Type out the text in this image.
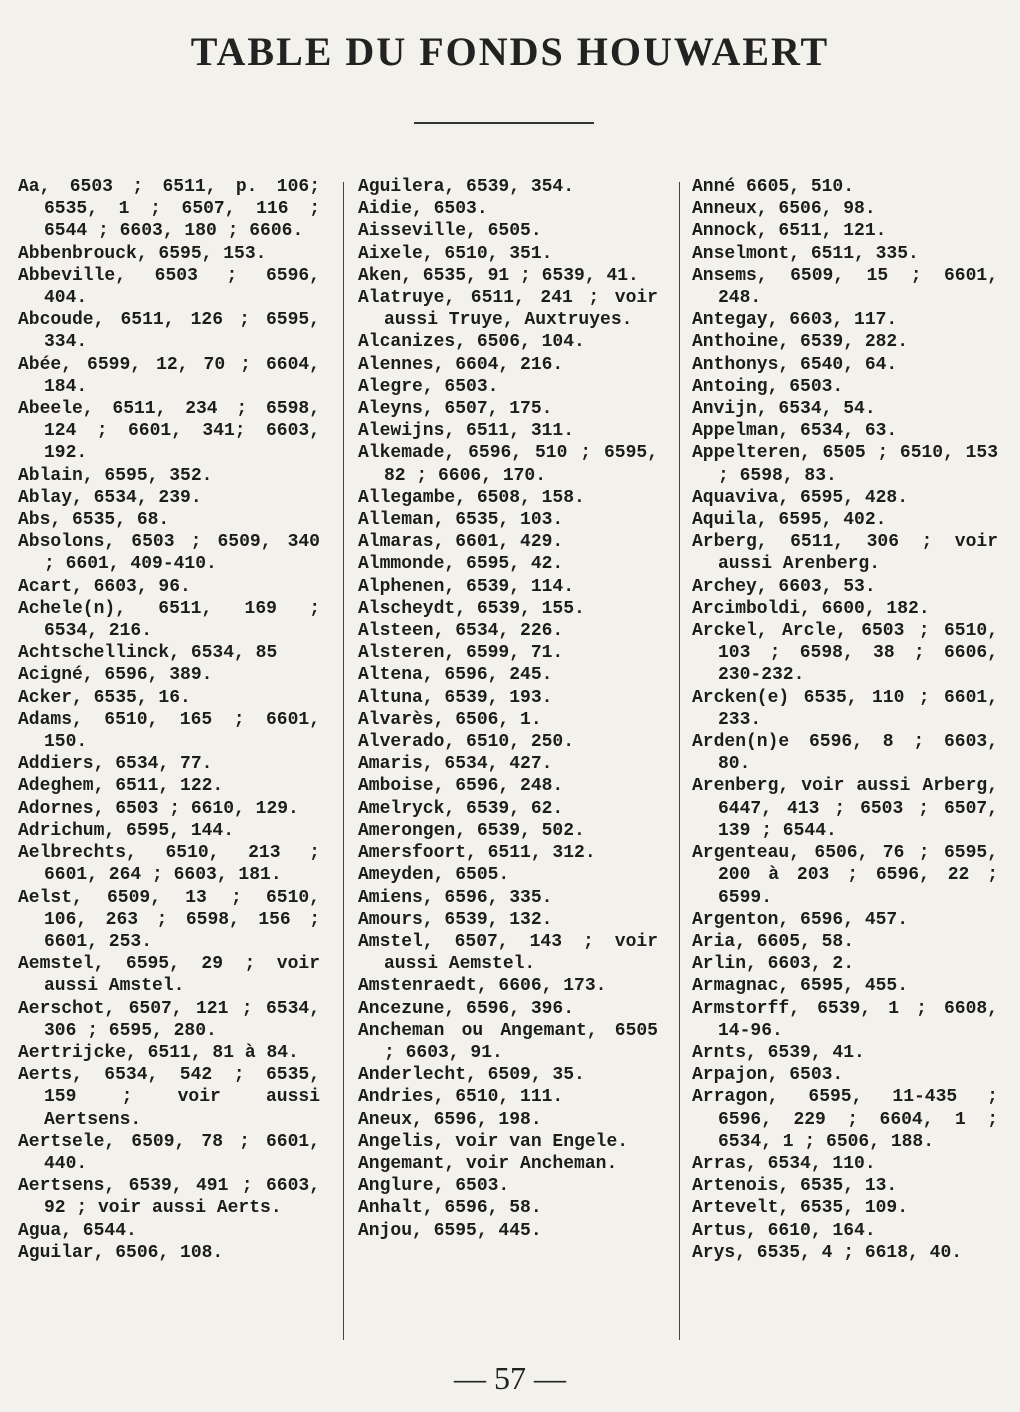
TABLE DU FONDS HOUWAERT
Aa, 6503 ; 6511, p. 106; 6535, 1 ; 6507, 116 ; 6544 ; 6603, 180 ; 6606.
Abbenbrouck, 6595, 153.
Abbeville, 6503 ; 6596, 404.
Abcoude, 6511, 126 ; 6595, 334.
Abée, 6599, 12, 70 ; 6604, 184.
Abeele, 6511, 234 ; 6598, 124 ; 6601, 341; 6603, 192.
Ablain, 6595, 352.
Ablay, 6534, 239.
Abs, 6535, 68.
Absolons, 6503 ; 6509, 340 ; 6601, 409-410.
Acart, 6603, 96.
Achele(n), 6511, 169 ; 6534, 216.
Achtschellinck, 6534, 85
Acigné, 6596, 389.
Acker, 6535, 16.
Adams, 6510, 165 ; 6601, 150.
Addiers, 6534, 77.
Adeghem, 6511, 122.
Adornes, 6503 ; 6610, 129.
Adrichum, 6595, 144.
Aelbrechts, 6510, 213 ; 6601, 264 ; 6603, 181.
Aelst, 6509, 13 ; 6510, 106, 263 ; 6598, 156 ; 6601, 253.
Aemstel, 6595, 29 ; voir aussi Amstel.
Aerschot, 6507, 121 ; 6534, 306 ; 6595, 280.
Aertrijcke, 6511, 81 à 84.
Aerts, 6534, 542 ; 6535, 159 ; voir aussi Aertsens.
Aertsele, 6509, 78 ; 6601, 440.
Aertsens, 6539, 491 ; 6603, 92 ; voir aussi Aerts.
Agua, 6544.
Aguilar, 6506, 108.
Aguilera, 6539, 354.
Aidie, 6503.
Aisseville, 6505.
Aixele, 6510, 351.
Aken, 6535, 91 ; 6539, 41.
Alatruye, 6511, 241 ; voir aussi Truye, Auxtruyes.
Alcanizes, 6506, 104.
Alennes, 6604, 216.
Alegre, 6503.
Aleyns, 6507, 175.
Alewijns, 6511, 311.
Alkemade, 6596, 510 ; 6595, 82 ; 6606, 170.
Allegambe, 6508, 158.
Alleman, 6535, 103.
Almaras, 6601, 429.
Almmonde, 6595, 42.
Alphenen, 6539, 114.
Alscheydt, 6539, 155.
Alsteen, 6534, 226.
Alsteren, 6599, 71.
Altena, 6596, 245.
Altuna, 6539, 193.
Alvarès, 6506, 1.
Alverado, 6510, 250.
Amaris, 6534, 427.
Amboise, 6596, 248.
Amelryck, 6539, 62.
Amerongen, 6539, 502.
Amersfoort, 6511, 312.
Ameyden, 6505.
Amiens, 6596, 335.
Amours, 6539, 132.
Amstel, 6507, 143 ; voir aussi Aemstel.
Amstenraedt, 6606, 173.
Ancezune, 6596, 396.
Ancheman ou Angemant, 6505 ; 6603, 91.
Anderlecht, 6509, 35.
Andries, 6510, 111.
Aneux, 6596, 198.
Angelis, voir van Engele.
Angemant, voir Ancheman.
Anglure, 6503.
Anhalt, 6596, 58.
Anjou, 6595, 445.
Anné 6605, 510.
Anneux, 6506, 98.
Annock, 6511, 121.
Anselmont, 6511, 335.
Ansems, 6509, 15 ; 6601, 248.
Antegay, 6603, 117.
Anthoine, 6539, 282.
Anthonys, 6540, 64.
Antoing, 6503.
Anvijn, 6534, 54.
Appelman, 6534, 63.
Appelteren, 6505 ; 6510, 153 ; 6598, 83.
Aquaviva, 6595, 428.
Aquila, 6595, 402.
Arberg, 6511, 306 ; voir aussi Arenberg.
Archey, 6603, 53.
Arcimboldi, 6600, 182.
Arckel, Arcle, 6503 ; 6510, 103 ; 6598, 38 ; 6606, 230-232.
Arcken(e) 6535, 110 ; 6601, 233.
Arden(n)e 6596, 8 ; 6603, 80.
Arenberg, voir aussi Arberg, 6447, 413 ; 6503 ; 6507, 139 ; 6544.
Argenteau, 6506, 76 ; 6595, 200 à 203 ; 6596, 22 ; 6599.
Argenton, 6596, 457.
Aria, 6605, 58.
Arlin, 6603, 2.
Armagnac, 6595, 455.
Armstorff, 6539, 1 ; 6608, 14-96.
Arnts, 6539, 41.
Arpajon, 6503.
Arragon, 6595, 11-435 ; 6596, 229 ; 6604, 1 ; 6534, 1 ; 6506, 188.
Arras, 6534, 110.
Artenois, 6535, 13.
Artevelt, 6535, 109.
Artus, 6610, 164.
Arys, 6535, 4 ; 6618, 40.
— 57 —
